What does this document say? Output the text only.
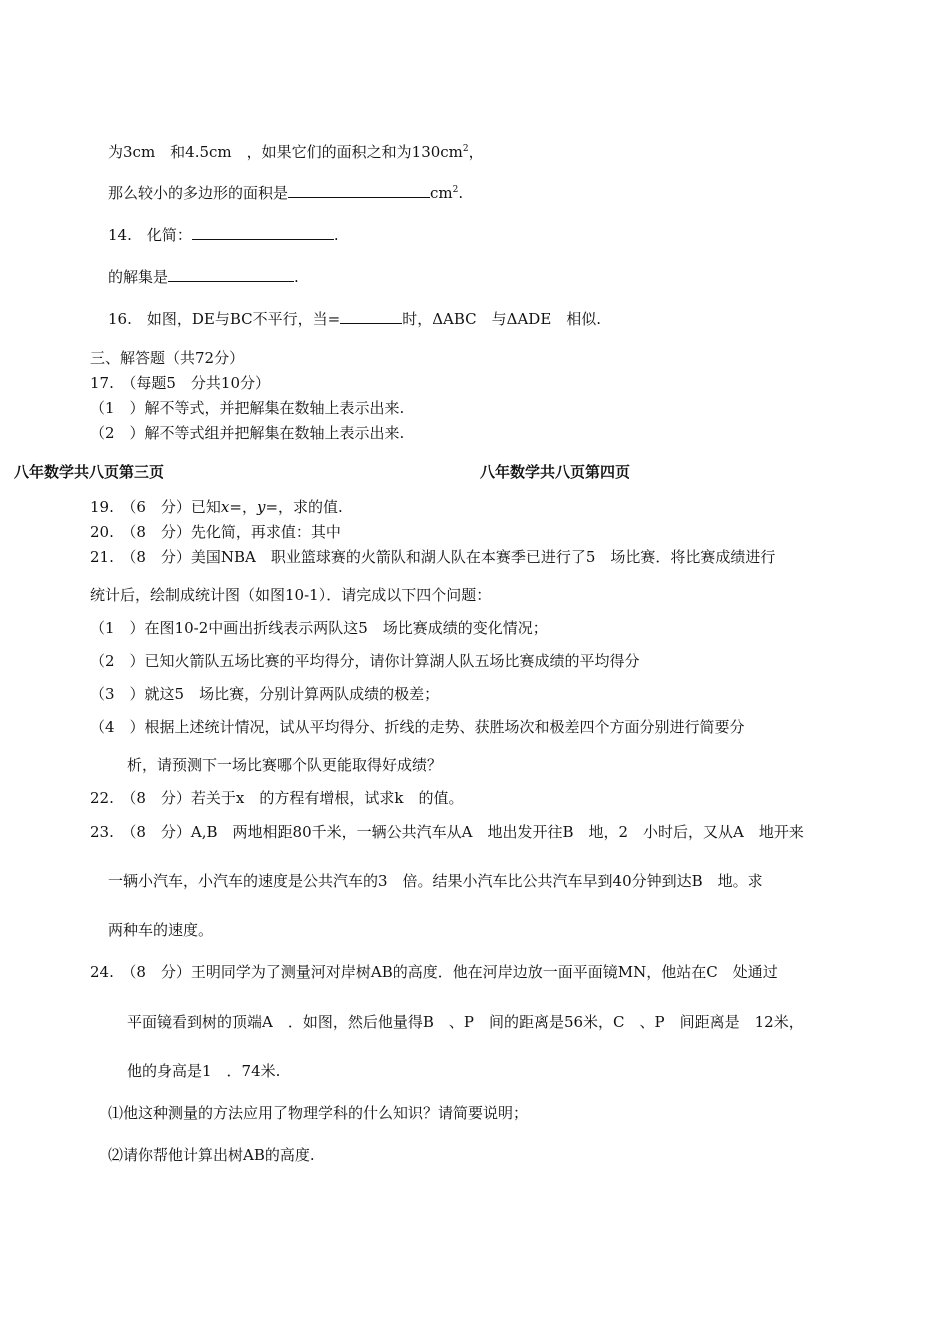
为3cm　和4.5cm　，如果它们的面积之和为$130cm^2$，
那么较小的多边形的面积是	$cm^2$.
14.　化简：	.
的解集是	.
16.　如图，DE与BC不平行，当=	时，ΔABC　与ΔADE　相似.
三、解答题（共72分）
17.　（每题5　分共10分）
（1　）解不等式，并把解集在数轴上表示出来.
（2　）解不等式组并把解集在数轴上表示出来.
八年数学共八页第三页	八年数学共八页第四页
19.　（6　分）已知x=，y=，求的值.
20.　（8　分）先化简，再求值：其中
21.　（8　分）美国NBA　职业篮球赛的火箭队和湖人队在本赛季已进行了5　场比赛．将比赛成绩进行
统计后，绘制成统计图（如图10-1）．请完成以下四个问题：
（1　）在图10-2中画出折线表示两队这5　场比赛成绩的变化情况；
（2　）已知火箭队五场比赛的平均得分，请你计算湖人队五场比赛成绩的平均得分
（3　）就这5　场比赛，分别计算两队成绩的极差；
（4　）根据上述统计情况，试从平均得分、折线的走势、获胜场次和极差四个方面分别进行简要分
析，请预测下一场比赛哪个队更能取得好成绩？
22.　（8　分）若关于x　的方程有增根，试求k　的值。
23.　（8　分）A,B　两地相距80千米，一辆公共汽车从A　地出发开往B　地，2　小时后，又从A　地开来
一辆小汽车，小汽车的速度是公共汽车的3　倍。结果小汽车比公共汽车早到40分钟到达B　地。求
两种车的速度。
24.　（8　分）王明同学为了测量河对岸树AB的高度．他在河岸边放一面平面镜MN，他站在C　处通过
平面镜看到树的顶端A　．如图，然后他量得B　、P　间的距离是56米，C　、P　间距离是　12米，
他的身高是1　．74米.
⑴他这种测量的方法应用了物理学科的什么知识？请简要说明；
⑵请你帮他计算出树AB的高度.
